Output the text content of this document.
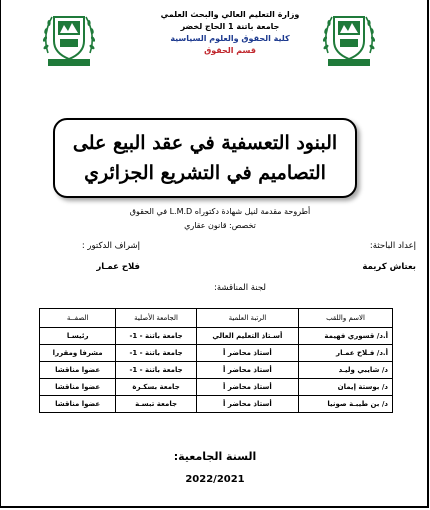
وزارة التعليم العالي والبحث العلمي
جامعة باتنة 1 الحاج لخضر
كلية الحقوق والعلوم السياسية
قسم الحقوق
البنود التعسفية في عقد البيع على
التصاميم في التشريع الجزائري
أطروحة مقدمة لنيل شهادة دكتوراه L.M.D في الحقوق
تخصص: قانون عقاري
إعداد الباحثة:
بعتاش كريمة
إشراف الدكتور :
فلاح عمـار
لجنة المناقشة:
الاسم واللقب	الرتبة العلمية	الجامعة الأصلية	الصفــة
أ.د/ قسوري فهيمة	أسـتاذ التعليم العالي	جامعة باتنة - 1-	رئيسـا
أ.د/ فـلاح عمـار	أستاذ محاضر أ	جامعة باتنة - 1-	مشرفا ومقررا
د/ شايبي وليـد	أستاذ محاضر أ	جامعة باتنة - 1-	عضوا مناقشا
د/ بوستة إيمان	أستاذ محاضر أ	جامعة بسكـرة	عضوا مناقشا
د/ بن طيبـة صونيا	أستاذ محاضر أ	جامعة تبسـة	عضوا مناقشا
السنة الجامعية:
2022/2021
